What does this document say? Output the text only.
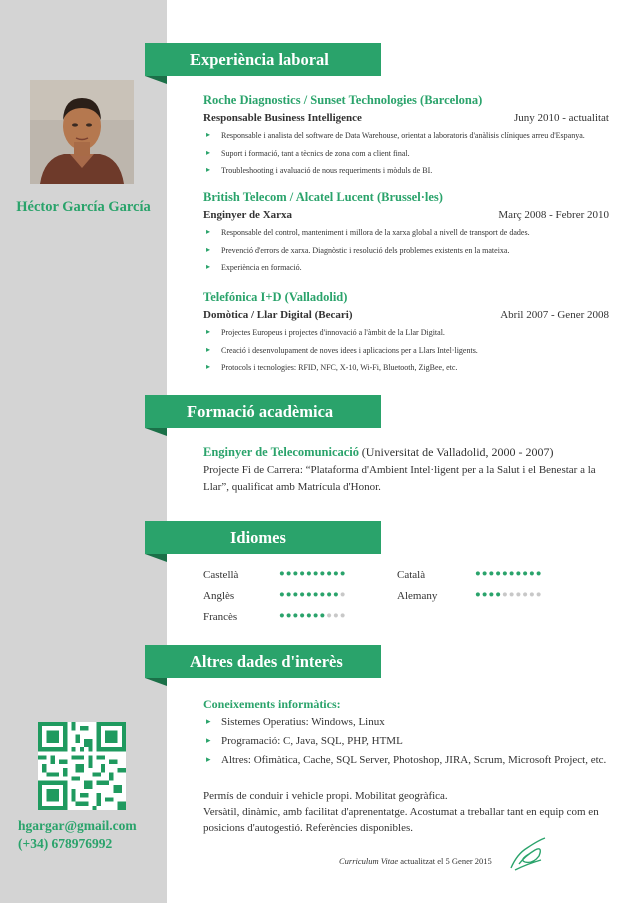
Héctor García García
hgargar@gmail.com
(+34) 678976992
Experiència laboral
Formació acadèmica
Idiomes
Altres dades d'interès
Roche Diagnostics / Sunset Technologies (Barcelona)
Responsable Business Intelligence	Juny 2010 - actualitat
▸ Responsable i analista del software de Data Warehouse, orientat a laboratoris d'anàlisis clíniques arreu d'Espanya.
▸ Suport i formació, tant a tècnics de zona com a client final.
▸ Troubleshooting i avaluació de nous requeriments i mòduls de BI.
British Telecom / Alcatel Lucent (Brussel·les)
Enginyer de Xarxa	Març 2008 - Febrer 2010
▸ Responsable del control, manteniment i millora de la xarxa global a nivell de transport de dades.
▸ Prevenció d'errors de xarxa. Diagnòstic i resolució dels problemes existents en la mateixa.
▸ Experiència en formació.
Telefónica I+D (Valladolid)
Domòtica / Llar Digital (Becari)	Abril 2007 - Gener 2008
▸ Projectes Europeus i projectes d'innovació a l'àmbit de la Llar Digital.
▸ Creació i desenvolupament de noves idees i aplicacions per a Llars Intel·ligents.
▸ Protocols i tecnologies: RFID, NFC, X-10, Wi-Fi, Bluetooth, ZigBee, etc.
Enginyer de Telecomunicació (Universitat de Valladolid, 2000 - 2007)
Projecte Fi de Carrera: “Plataforma d'Ambient Intel·ligent per a la Salut i el Benestar a la
Llar”, qualificat amb Matrícula d'Honor.
Castellà	●●●●●●●●●●	Català	●●●●●●●●●●
Anglès	●●●●●●●●●●	Alemany	●●●●●●●●●●
Francès	●●●●●●●●●●
Coneixements informàtics:
▸ Sistemes Operatius: Windows, Linux
▸ Programació: C, Java, SQL, PHP, HTML
▸ Altres: Ofimàtica, Cache, SQL Server, Photoshop, JIRA, Scrum, Microsoft Project, etc.
Permís de conduir i vehicle propi. Mobilitat geogràfica.
Versàtil, dinàmic, amb facilitat d'aprenentatge. Acostumat a treballar tant en equip com en
posicions d'autogestió. Referències disponibles.
Curriculum Vitae actualitzat el 5 Gener 2015
